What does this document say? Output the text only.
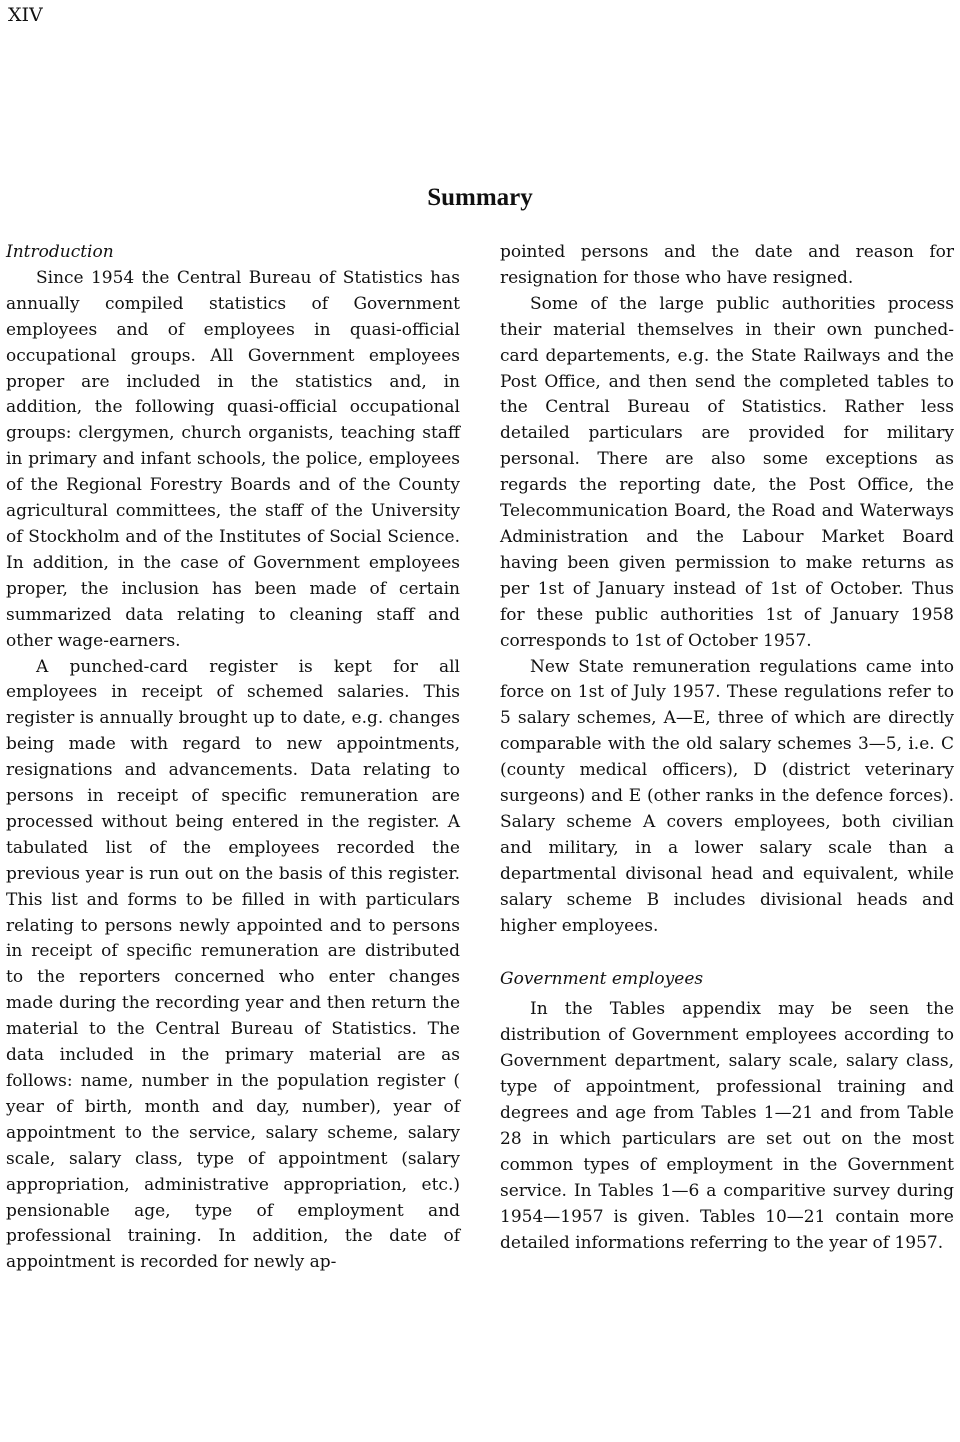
XIV
Summary

Introduction

Since 1954 the Central Bureau of Statistics has annually compiled statistics of Government employees and of employees in quasi-official occupational groups. All Government employees proper are included in the statistics and, in addition, the following quasi-official occupational groups: clergymen, church organists, teaching staff in primary and infant schools, the police, employees of the Regional Forestry Boards and of the County agricultural committees, the staff of the University of Stockholm and of the Institutes of Social Science. In addition, in the case of Government employees proper, the inclusion has been made of certain summarized data relating to cleaning staff and other wage-earners.

A punched-card register is kept for all employees in receipt of schemed salaries. This register is annually brought up to date, e.g. changes being made with regard to new appointments, resignations and advancements. Data relating to persons in receipt of specific remuneration are processed without being entered in the register. A tabulated list of the employees recorded the previous year is run out on the basis of this register. This list and forms to be filled in with particulars relating to persons newly appointed and to persons in receipt of specific remuneration are distributed to the reporters concerned who enter changes made during the recording year and then return the material to the Central Bureau of Statistics. The data included in the primary material are as follows: name, number in the population register ( year of birth, month and day, number), year of appointment to the service, salary scheme, salary scale, salary class, type of appointment (salary appropriation, administrative appropriation, etc.) pensionable age, type of employment and professional training. In addition, the date of appointment is recorded for newly ap-

pointed persons and the date and reason for resignation for those who have resigned.

Some of the large public authorities process their material themselves in their own punched-card departements, e.g. the State Railways and the Post Office, and then send the completed tables to the Central Bureau of Statistics. Rather less detailed particulars are provided for military personal. There are also some exceptions as regards the reporting date, the Post Office, the Telecommunication Board, the Road and Waterways Administration and the Labour Market Board having been given permission to make returns as per 1st of January instead of 1st of October. Thus for these public authorities 1st of January 1958 corresponds to 1st of October 1957.

New State remuneration regulations came into force on 1st of July 1957. These regulations refer to 5 salary schemes, A—E, three of which are directly comparable with the old salary schemes 3—5, i.e. C (county medical officers), D (district veterinary surgeons) and E (other ranks in the defence forces). Salary scheme A covers employees, both civilian and military, in a lower salary scale than a departmental divisonal head and equivalent, while salary scheme B includes divisional heads and higher employees.

Government employees

In the Tables appendix may be seen the distribution of Government employees according to Government department, salary scale, salary class, type of appointment, professional training and degrees and age from Tables 1—21 and from Table 28 in which particulars are set out on the most common types of employment in the Government service. In Tables 1—6 a comparitive survey during 1954—1957 is given. Tables 10—21 contain more detailed informations referring to the year of 1957.
